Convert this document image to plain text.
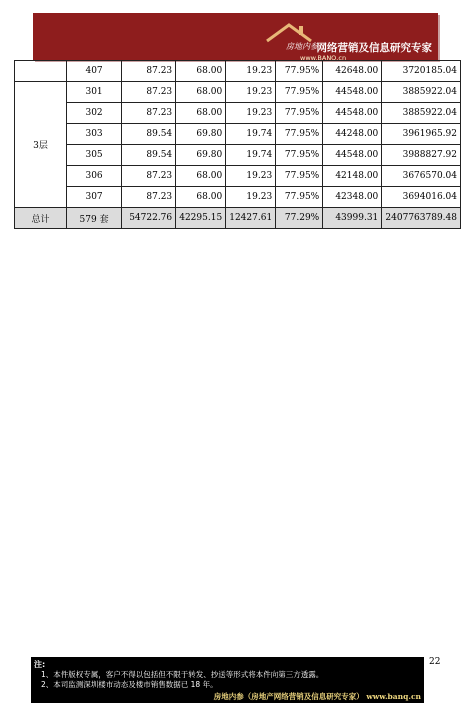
房地内参
www.BANQ.cn
网络营销及信息研究专家
	407	87.23	68.00	19.23	77.95%	42648.00	3720185.04
3层	301	87.23	68.00	19.23	77.95%	44548.00	3885922.04
	302	87.23	68.00	19.23	77.95%	44548.00	3885922.04
	303	89.54	69.80	19.74	77.95%	44248.00	3961965.92
	305	89.54	69.80	19.74	77.95%	44548.00	3988827.92
	306	87.23	68.00	19.23	77.95%	42148.00	3676570.04
	307	87.23	68.00	19.23	77.95%	42348.00	3694016.04
总计	579 套	54722.76	42295.15	12427.61	77.29%	43999.31	2407763789.48
注:
1、本件版权专属，客户不得以包括但不限于转发、抄送等形式将本件向第三方透露。
2、本司监测深圳楼市动态及楼市销售数据已 18 年。
房地内参（房地产网络营销及信息研究专家） www.banq.cn
22
